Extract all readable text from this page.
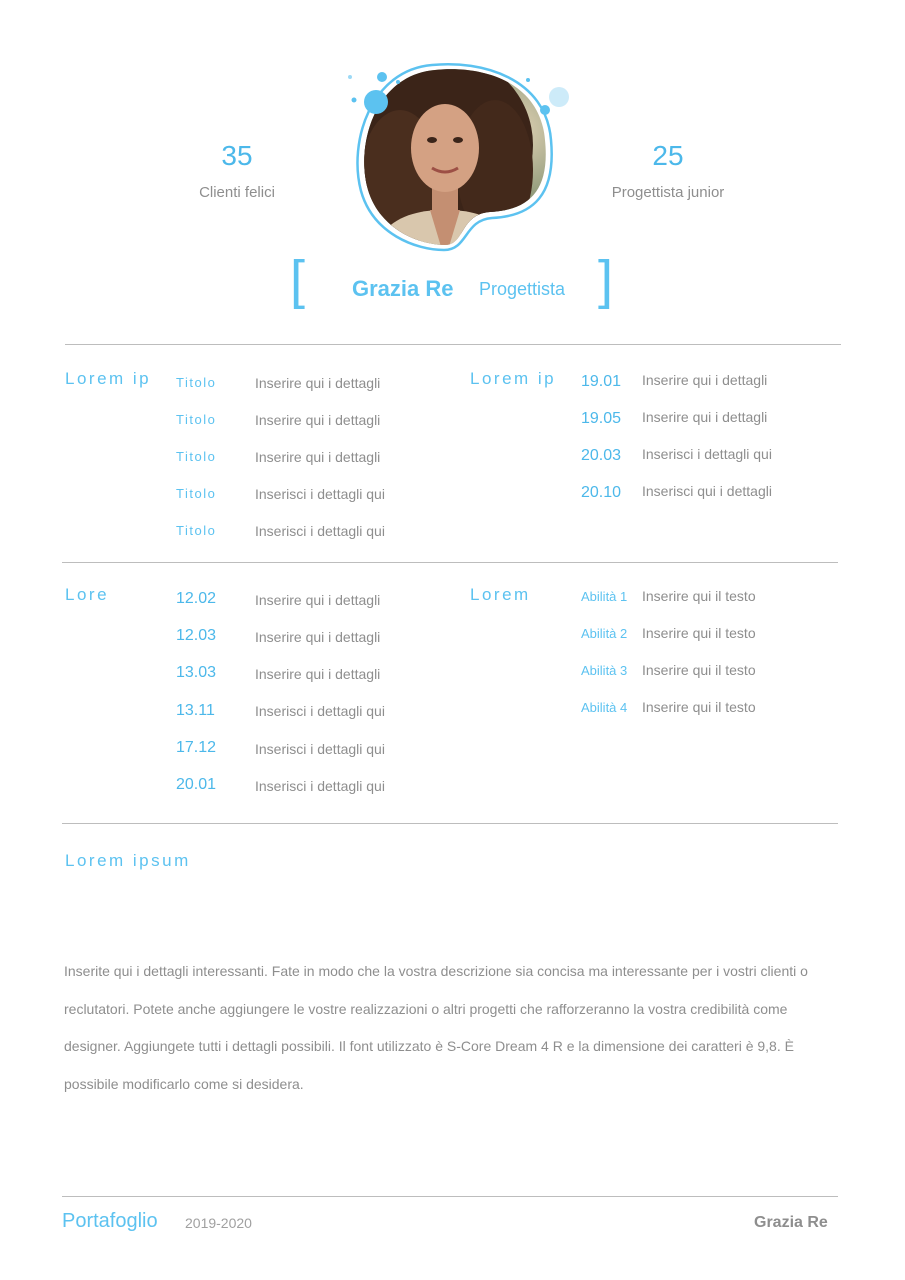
35
Clienti felici
25
Progettista junior
[ Grazia Re Progettista ]
Lorem ip Titolo	Inserire qui i dettagli
Titolo	Inserire qui i dettagli
Titolo	Inserire qui i dettagli
Titolo	Inserisci i dettagli qui
Titolo	Inserisci i dettagli qui
Lorem ip 19.01 Inserire qui i dettagli
19.05 Inserire qui i dettagli
20.03 Inserisci i dettagli qui
20.10 Inserisci qui i dettagli
Lore	12.02	Inserire qui i dettagli
12.03	Inserire qui i dettagli
13.03	Inserire qui i dettagli
13.11	Inserisci i dettagli qui
17.12	Inserisci i dettagli qui
20.01	Inserisci i dettagli qui
Lorem	Abilità 1 Inserire qui il testo
Abilità 2 Inserire qui il testo
Abilità 3 Inserire qui il testo
Abilità 4 Inserire qui il testo
Lorem ipsum
Inserite qui i dettagli interessanti. Fate in modo che la vostra descrizione sia concisa ma interessante per i vostri clienti o reclutatori. Potete anche aggiungere le vostre realizzazioni o altri progetti che rafforzeranno la vostra credibilità come designer. Aggiungete tutti i dettagli possibili. Il font utilizzato è S-Core Dream 4 R e la dimensione dei caratteri è 9,8. È possibile modificarlo come si desidera.
Portafoglio 2019-2020	Grazia Re
